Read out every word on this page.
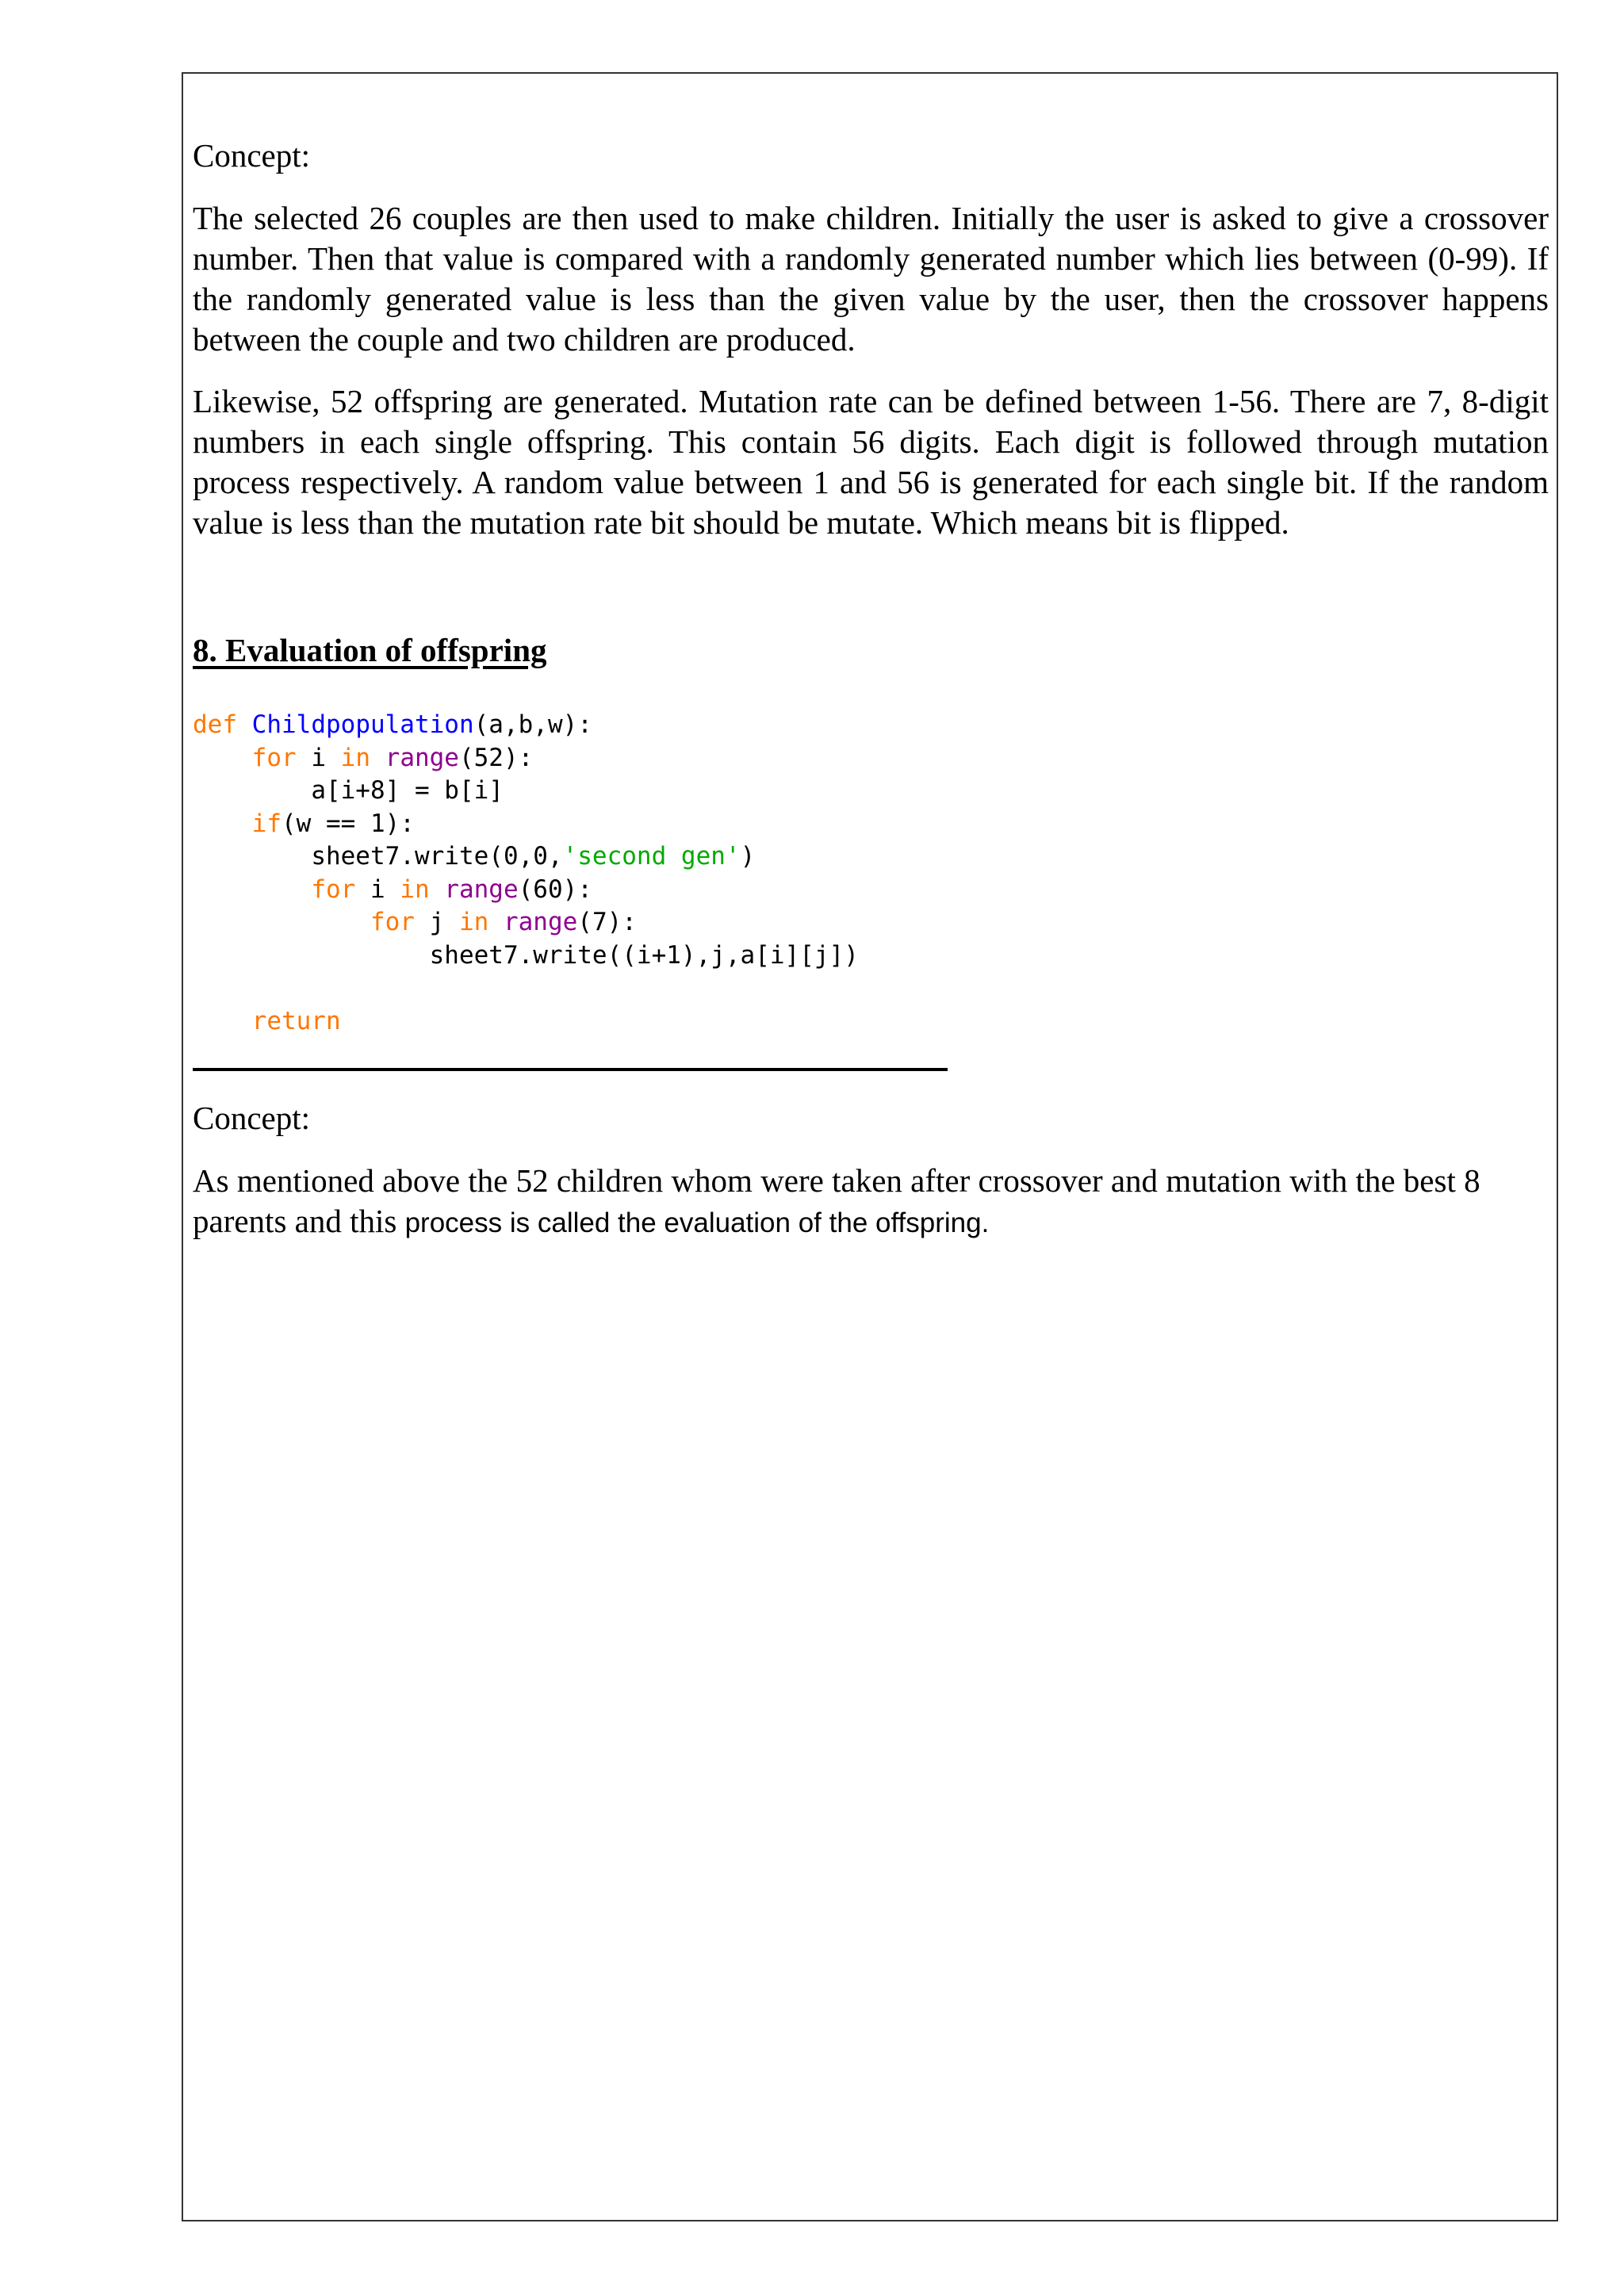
Concept:

The selected 26 couples are then used to make children. Initially the user is asked to give a crossover number. Then that value is compared with a randomly generated number which lies between (0-99). If the randomly generated value is less than the given value by the user, then the crossover happens between the couple and two children are produced.

Likewise, 52 offspring are generated. Mutation rate can be defined between 1-56. There are 7, 8-digit numbers in each single offspring. This contain 56 digits. Each digit is followed through mutation process respectively. A random value between 1 and 56 is generated for each single bit. If the random value is less than the mutation rate bit should be mutate. Which means bit is flipped.

8. Evaluation of offspring
def Childpopulation(a,b,w):
for i in range(52):
a[i+8] = b[i]
if(w == 1):
sheet7.write(0,0,'second gen')
for i in range(60):
for j in range(7):
sheet7.write((i+1),j,a[i][j])

return

Concept:

As mentioned above the 52 children whom were taken after crossover and mutation with the best 8 parents and this process is called the evaluation of the offspring.
